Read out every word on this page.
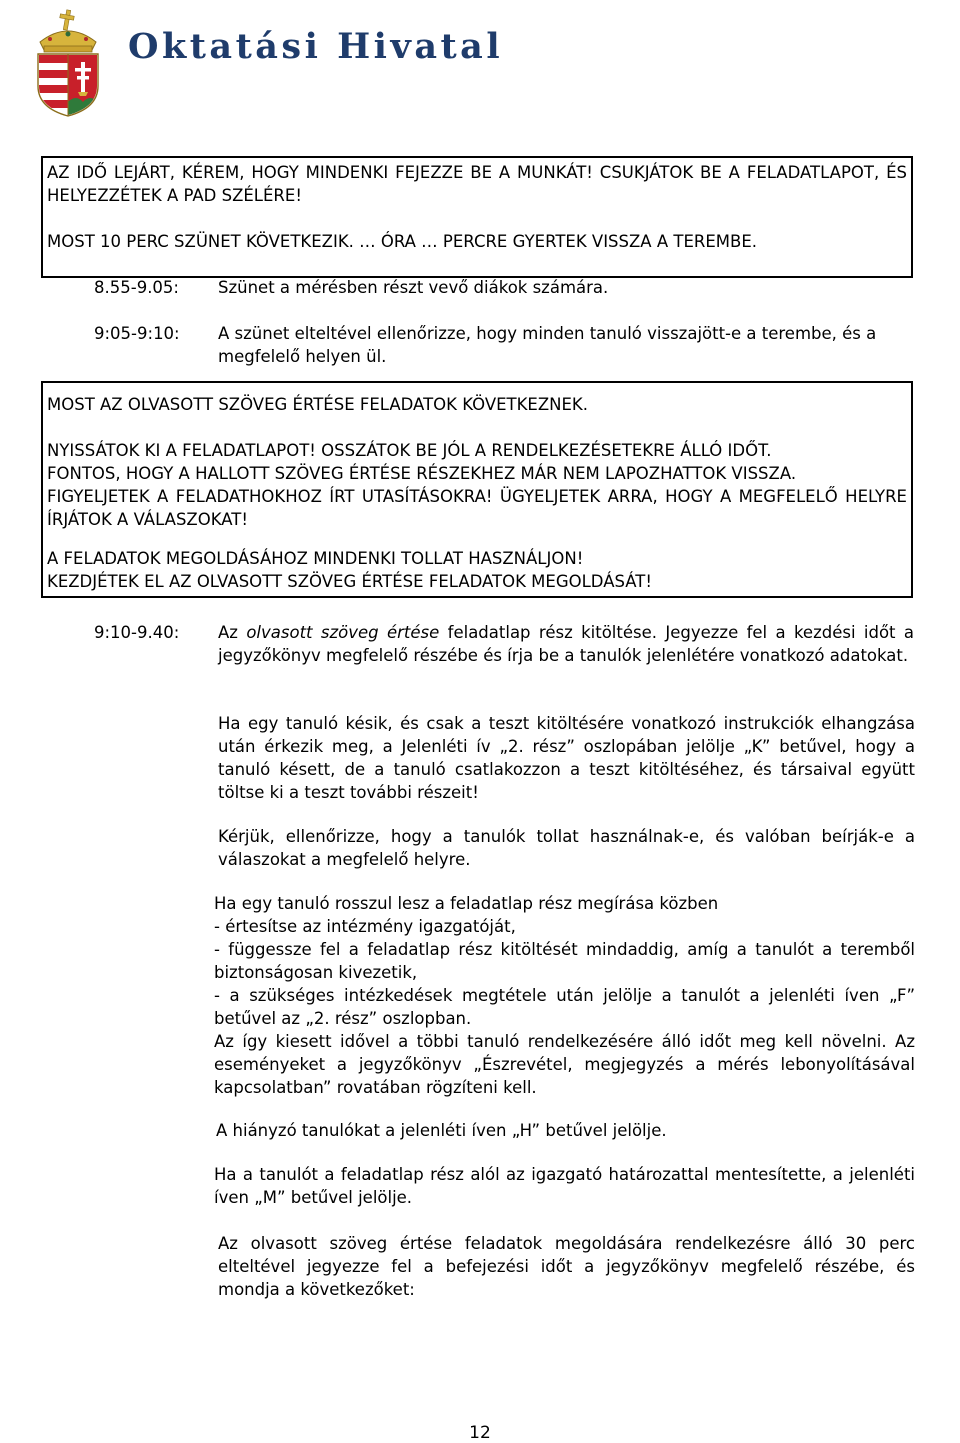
Oktatási Hivatal

AZ IDŐ LEJÁRT, KÉREM, HOGY MINDENKI FEJEZZE BE A MUNKÁT! CSUKJÁTOK BE A FELADATLAPOT, ÉS HELYEZZÉTEK A PAD SZÉLÉRE!

MOST 10 PERC SZÜNET KÖVETKEZIK. … ÓRA … PERCRE GYERTEK VISSZA A TEREMBE.

8.55-9.05: Szünet a mérésben részt vevő diákok számára.
9:05-9:10: A szünet elteltével ellenőrizze, hogy minden tanuló visszajött-e a terembe, és a megfelelő helyen ül.

MOST AZ OLVASOTT SZÖVEG ÉRTÉSE FELADATOK KÖVETKEZNEK.

NYISSÁTOK KI A FELADATLAPOT! OSSZÁTOK BE JÓL A RENDELKEZÉSETEKRE ÁLLÓ IDŐT.

FONTOS, HOGY A HALLOTT SZÖVEG ÉRTÉSE RÉSZEKHEZ MÁR NEM LAPOZHATTOK VISSZA.

FIGYELJETEK A FELADATHOKHOZ ÍRT UTASÍTÁSOKRA! ÜGYELJETEK ARRA, HOGY A MEGFELELŐ HELYRE ÍRJÁTOK A VÁLASZOKAT!

A FELADATOK MEGOLDÁSÁHOZ MINDENKI TOLLAT HASZNÁLJON!

KEZDJÉTEK EL AZ OLVASOTT SZÖVEG ÉRTÉSE FELADATOK MEGOLDÁSÁT!

9:10-9.40: Az olvasott szöveg értése feladatlap rész kitöltése. Jegyezze fel a kezdési időt a jegyzőkönyv megfelelő részébe és írja be a tanulók jelenlétére vonatkozó adatokat.

Ha egy tanuló késik, és csak a teszt kitöltésére vonatkozó instrukciók elhangzása után érkezik meg, a Jelenléti ív „2. rész” oszlopában jelölje „K” betűvel, hogy a tanuló késett, de a tanuló csatlakozzon a teszt kitöltéséhez, és társaival együtt töltse ki a teszt további részeit!

Kérjük, ellenőrizze, hogy a tanulók tollat használnak-e, és valóban beírják-e a válaszokat a megfelelő helyre.

Ha egy tanuló rosszul lesz a feladatlap rész megírása közben

- értesítse az intézmény igazgatóját,

- függessze fel a feladatlap rész kitöltését mindaddig, amíg a tanulót a teremből biztonságosan kivezetik,

- a szükséges intézkedések megtétele után jelölje a tanulót a jelenléti íven „F” betűvel az „2. rész” oszlopban.

Az így kiesett idővel a többi tanuló rendelkezésére álló időt meg kell növelni. Az eseményeket a jegyzőkönyv „Észrevétel, megjegyzés a mérés lebonyolításával kapcsolatban” rovatában rögzíteni kell.

A hiányzó tanulókat a jelenléti íven „H” betűvel jelölje.

Ha a tanulót a feladatlap rész alól az igazgató határozattal mentesítette, a jelenléti íven „M” betűvel jelölje.

Az olvasott szöveg értése feladatok megoldására rendelkezésre álló 30 perc elteltével jegyezze fel a befejezési időt a jegyzőkönyv megfelelő részébe, és mondja a következőket:

12
